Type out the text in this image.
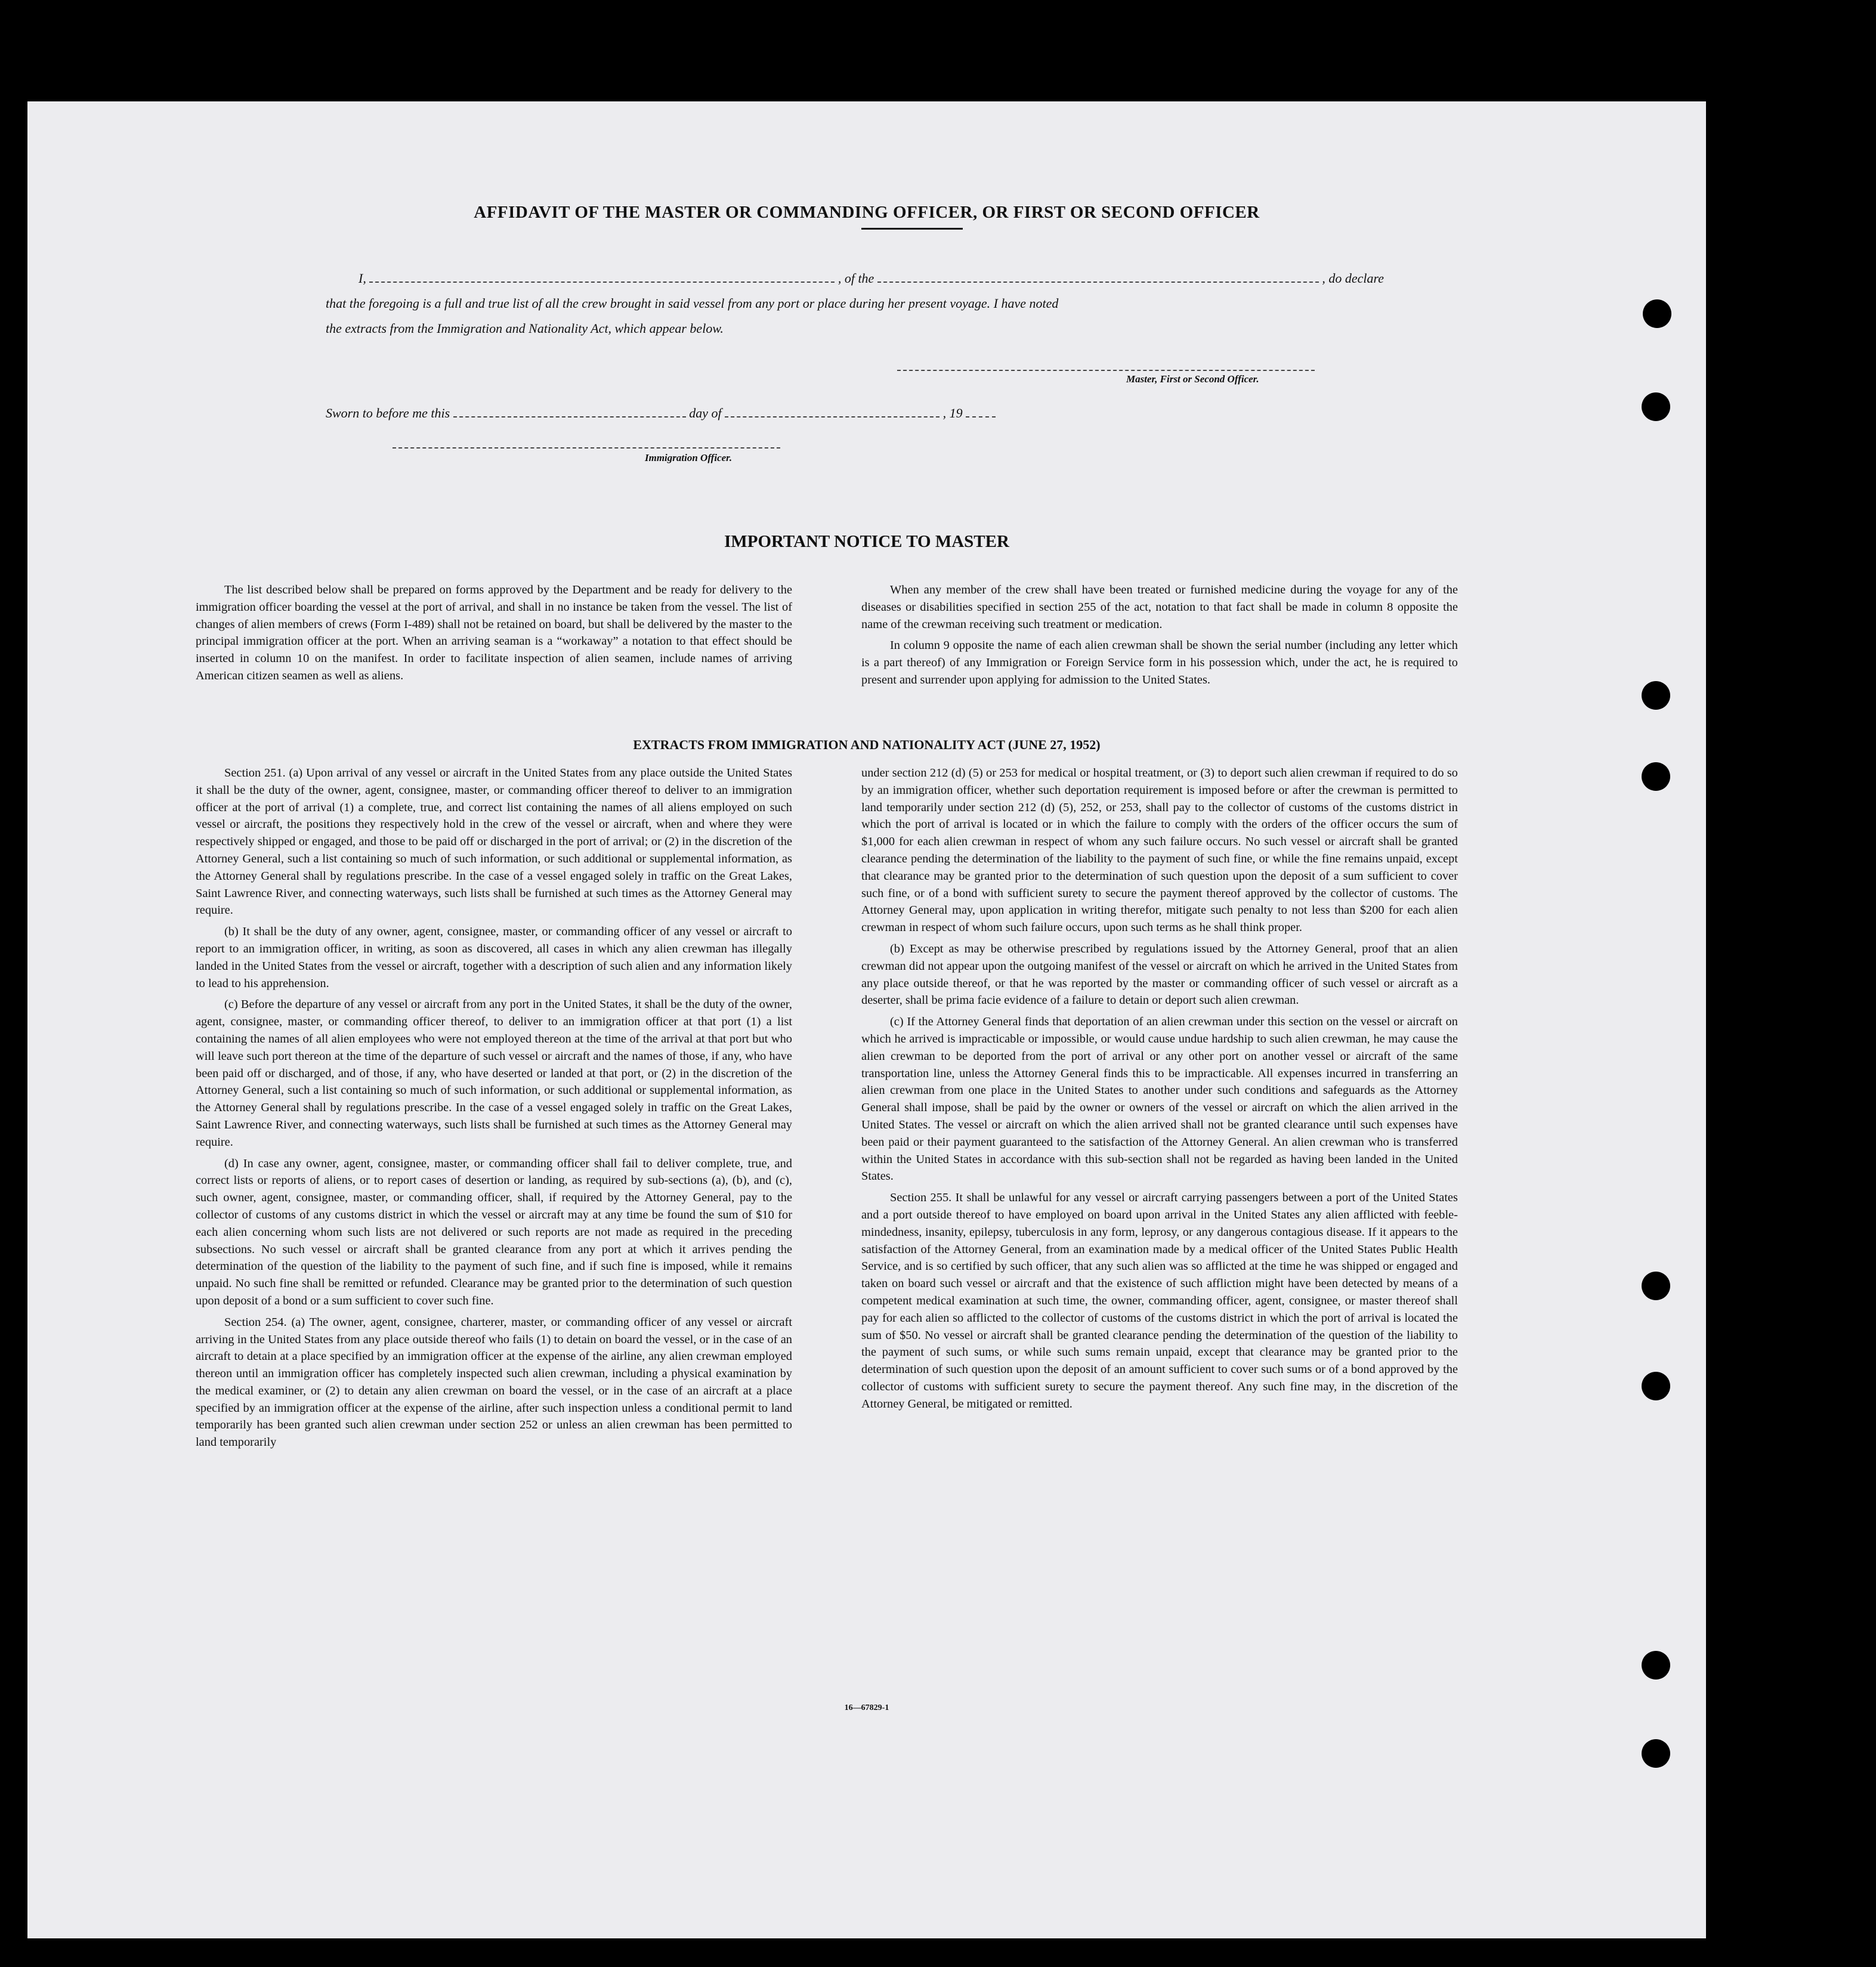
AFFIDAVIT OF THE MASTER OR COMMANDING OFFICER, OR FIRST OR SECOND OFFICER
I,	, of the	, do declare
that the foregoing is a full and true list of all the crew brought in said vessel from any port or place during her present voyage. I have noted
the extracts from the Immigration and Nationality Act, which appear below.
Master, First or Second Officer.
Sworn to before me this	day of	, 19
Immigration Officer.
IMPORTANT NOTICE TO MASTER

The list described below shall be prepared on forms approved by the Department and be ready for delivery to the immigration officer boarding the vessel at the port of arrival, and shall in no instance be taken from the vessel. The list of changes of alien members of crews (Form I-489) shall not be retained on board, but shall be delivered by the master to the principal immigration officer at the port. When an arriving seaman is a “workaway” a notation to that effect should be inserted in column 10 on the manifest. In order to facilitate inspection of alien seamen, include names of arriving American citizen seamen as well as aliens.

When any member of the crew shall have been treated or furnished medicine during the voyage for any of the diseases or disabilities specified in section 255 of the act, notation to that fact shall be made in column 8 opposite the name of the crewman receiving such treatment or medication.

In column 9 opposite the name of each alien crewman shall be shown the serial number (including any letter which is a part thereof) of any Immigration or Foreign Service form in his possession which, under the act, he is required to present and surrender upon applying for admission to the United States.

EXTRACTS FROM IMMIGRATION AND NATIONALITY ACT (JUNE 27, 1952)

Section 251. (a) Upon arrival of any vessel or aircraft in the United States from any place outside the United States it shall be the duty of the owner, agent, consignee, master, or commanding officer thereof to deliver to an immigration officer at the port of arrival (1) a complete, true, and correct list containing the names of all aliens employed on such vessel or aircraft, the positions they respectively hold in the crew of the vessel or aircraft, when and where they were respectively shipped or engaged, and those to be paid off or discharged in the port of arrival; or (2) in the discretion of the Attorney General, such a list containing so much of such information, or such additional or supplemental information, as the Attorney General shall by regulations prescribe. In the case of a vessel engaged solely in traffic on the Great Lakes, Saint Lawrence River, and connecting waterways, such lists shall be furnished at such times as the Attorney General may require.

(b) It shall be the duty of any owner, agent, consignee, master, or commanding officer of any vessel or aircraft to report to an immigration officer, in writing, as soon as discovered, all cases in which any alien crewman has illegally landed in the United States from the vessel or aircraft, together with a description of such alien and any information likely to lead to his apprehension.

(c) Before the departure of any vessel or aircraft from any port in the United States, it shall be the duty of the owner, agent, consignee, master, or commanding officer thereof, to deliver to an immigration officer at that port (1) a list containing the names of all alien employees who were not employed thereon at the time of the arrival at that port but who will leave such port thereon at the time of the departure of such vessel or aircraft and the names of those, if any, who have been paid off or discharged, and of those, if any, who have deserted or landed at that port, or (2) in the discretion of the Attorney General, such a list containing so much of such information, or such additional or supplemental information, as the Attorney General shall by regulations prescribe. In the case of a vessel engaged solely in traffic on the Great Lakes, Saint Lawrence River, and connecting waterways, such lists shall be furnished at such times as the Attorney General may require.

(d) In case any owner, agent, consignee, master, or commanding officer shall fail to deliver complete, true, and correct lists or reports of aliens, or to report cases of desertion or landing, as required by sub-sections (a), (b), and (c), such owner, agent, consignee, master, or commanding officer, shall, if required by the Attorney General, pay to the collector of customs of any customs district in which the vessel or aircraft may at any time be found the sum of $10 for each alien concerning whom such lists are not delivered or such reports are not made as required in the preceding subsections. No such vessel or aircraft shall be granted clearance from any port at which it arrives pending the determination of the question of the liability to the payment of such fine, and if such fine is imposed, while it remains unpaid. No such fine shall be remitted or refunded. Clearance may be granted prior to the determination of such question upon deposit of a bond or a sum sufficient to cover such fine.

Section 254. (a) The owner, agent, consignee, charterer, master, or commanding officer of any vessel or aircraft arriving in the United States from any place outside thereof who fails (1) to detain on board the vessel, or in the case of an aircraft to detain at a place specified by an immigration officer at the expense of the airline, any alien crewman employed thereon until an immigration officer has completely inspected such alien crewman, including a physical examination by the medical examiner, or (2) to detain any alien crewman on board the vessel, or in the case of an aircraft at a place specified by an immigration officer at the expense of the airline, after such inspection unless a conditional permit to land temporarily has been granted such alien crewman under section 252 or unless an alien crewman has been permitted to land temporarily

under section 212 (d) (5) or 253 for medical or hospital treatment, or (3) to deport such alien crewman if required to do so by an immigration officer, whether such deportation requirement is imposed before or after the crewman is permitted to land temporarily under section 212 (d) (5), 252, or 253, shall pay to the collector of customs of the customs district in which the port of arrival is located or in which the failure to comply with the orders of the officer occurs the sum of $1,000 for each alien crewman in respect of whom any such failure occurs. No such vessel or aircraft shall be granted clearance pending the determination of the liability to the payment of such fine, or while the fine remains unpaid, except that clearance may be granted prior to the determination of such question upon the deposit of a sum sufficient to cover such fine, or of a bond with sufficient surety to secure the payment thereof approved by the collector of customs. The Attorney General may, upon application in writing therefor, mitigate such penalty to not less than $200 for each alien crewman in respect of whom such failure occurs, upon such terms as he shall think proper.

(b) Except as may be otherwise prescribed by regulations issued by the Attorney General, proof that an alien crewman did not appear upon the outgoing manifest of the vessel or aircraft on which he arrived in the United States from any place outside thereof, or that he was reported by the master or commanding officer of such vessel or aircraft as a deserter, shall be prima facie evidence of a failure to detain or deport such alien crewman.

(c) If the Attorney General finds that deportation of an alien crewman under this section on the vessel or aircraft on which he arrived is impracticable or impossible, or would cause undue hardship to such alien crewman, he may cause the alien crewman to be deported from the port of arrival or any other port on another vessel or aircraft of the same transportation line, unless the Attorney General finds this to be impracticable. All expenses incurred in transferring an alien crewman from one place in the United States to another under such conditions and safeguards as the Attorney General shall impose, shall be paid by the owner or owners of the vessel or aircraft on which the alien arrived in the United States. The vessel or aircraft on which the alien arrived shall not be granted clearance until such expenses have been paid or their payment guaranteed to the satisfaction of the Attorney General. An alien crewman who is transferred within the United States in accordance with this sub-section shall not be regarded as having been landed in the United States.

Section 255. It shall be unlawful for any vessel or aircraft carrying passengers between a port of the United States and a port outside thereof to have employed on board upon arrival in the United States any alien afflicted with feeble-mindedness, insanity, epilepsy, tuberculosis in any form, leprosy, or any dangerous contagious disease. If it appears to the satisfaction of the Attorney General, from an examination made by a medical officer of the United States Public Health Service, and is so certified by such officer, that any such alien was so afflicted at the time he was shipped or engaged and taken on board such vessel or aircraft and that the existence of such affliction might have been detected by means of a competent medical examination at such time, the owner, commanding officer, agent, consignee, or master thereof shall pay for each alien so afflicted to the collector of customs of the customs district in which the port of arrival is located the sum of $50. No vessel or aircraft shall be granted clearance pending the determination of the question of the liability to the payment of such sums, or while such sums remain unpaid, except that clearance may be granted prior to the determination of such question upon the deposit of an amount sufficient to cover such sums or of a bond approved by the collector of customs with sufficient surety to secure the payment thereof. Any such fine may, in the discretion of the Attorney General, be mitigated or remitted.

16—67829-1
